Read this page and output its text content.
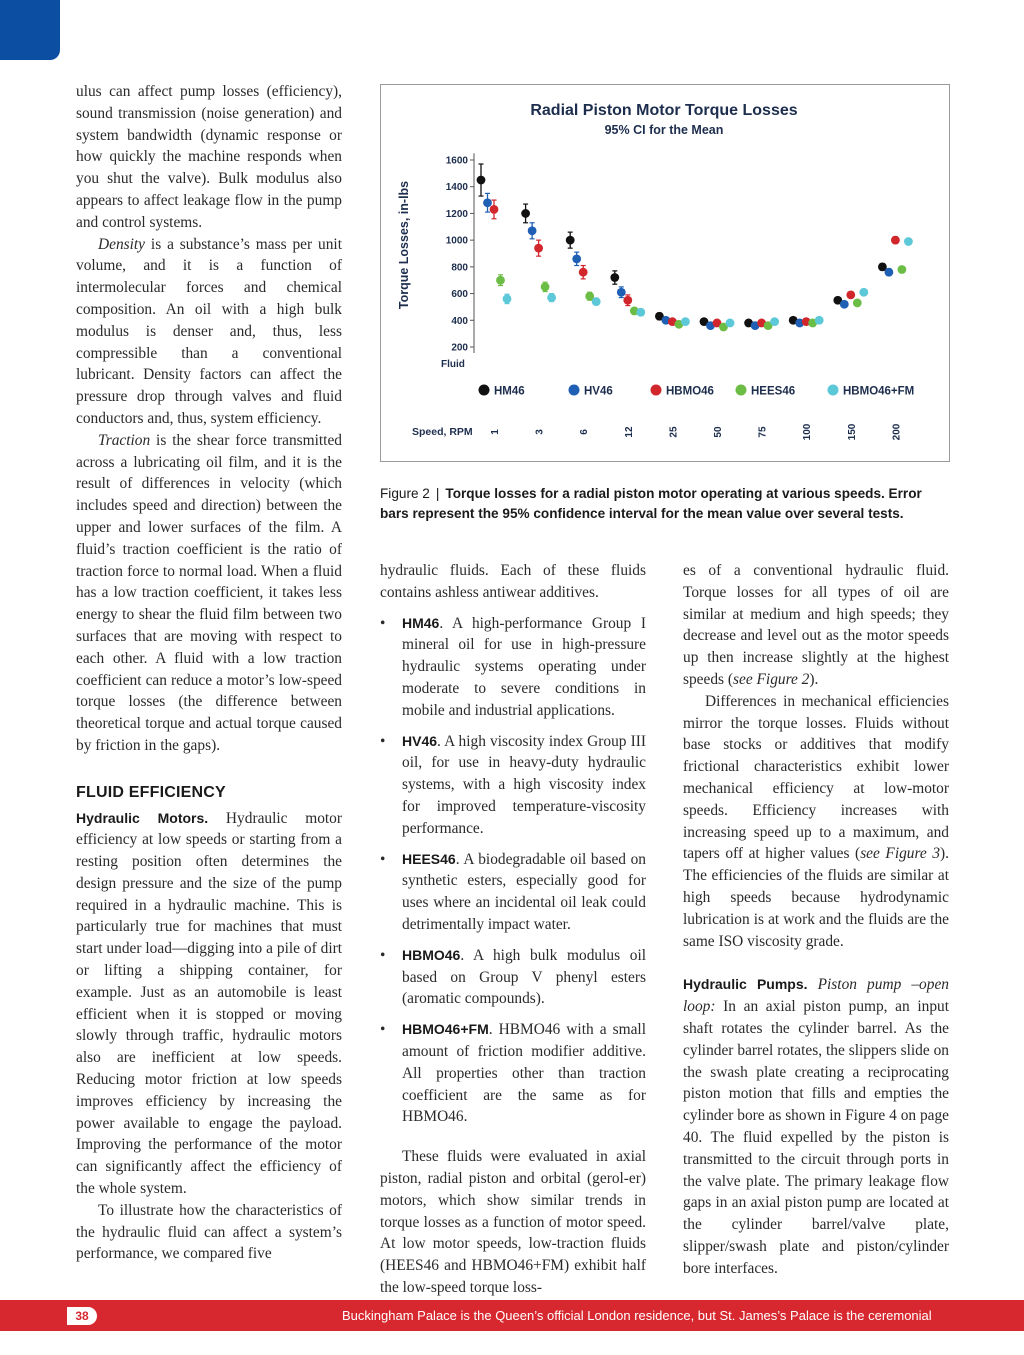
ulus can affect pump losses (efficiency), sound transmission (noise generation) and system bandwidth (dynamic response or how quickly the machine responds when you shut the valve). Bulk modulus also appears to affect leakage flow in the pump and control systems.

Density is a substance’s mass per unit volume, and it is a function of intermolecular forces and chemical composition. An oil with a high bulk modulus is denser and, thus, less compressible than a conventional lubricant. Density factors can affect the pressure drop through valves and fluid conductors and, thus, system efficiency.

Traction is the shear force transmitted across a lubricating oil film, and it is the result of differences in velocity (which includes speed and direction) between the upper and lower surfaces of the film. A fluid’s traction coefficient is the ratio of traction force to normal load. When a fluid has a low traction coefficient, it takes less energy to shear the fluid film between two surfaces that are moving with respect to each other. A fluid with a low traction coefficient can reduce a motor’s low-speed torque losses (the difference between theoretical torque and actual torque caused by friction in the gaps).

FLUID EFFICIENCY

Hydraulic Motors. Hydraulic motor efficiency at low speeds or starting from a resting position often determines the design pressure and the size of the pump required in a hydraulic machine. This is particularly true for machines that must start under load—digging into a pile of dirt or lifting a shipping container, for example. Just as an automobile is least efficient when it is stopped or moving slowly through traffic, hydraulic motors also are inefficient at low speeds. Reducing motor friction at low speeds improves efficiency by increasing the power available to engage the payload. Improving the performance of the motor can significantly affect the efficiency of the whole system.

To illustrate how the characteristics of the hydraulic fluid can affect a system’s performance, we compared five

Radial Piston Motor Torque Losses
95% CI for the Mean
Torque Losses, in-lbs
Fluid
Speed, RPM
200
400
600
800
1000
1200
1400
1600
HM46	HV46	HBMO46	HEES46	HBMO46+FM
1	3	6	12	25	50	75	100	150	200
Figure 2 | Torque losses for a radial piston motor operating at various speeds. Error bars represent the 95% confidence interval for the mean value over several tests.

hydraulic fluids. Each of these fluids contains ashless antiwear additives.

• HM46. A high-performance Group I mineral oil for use in high-pressure hydraulic systems operating under moderate to severe conditions in mobile and industrial applications.
• HV46. A high viscosity index Group III oil, for use in heavy-duty hydraulic systems, with a high viscosity index for improved temperature-viscosity performance.
• HEES46. A biodegradable oil based on synthetic esters, especially good for uses where an incidental oil leak could detrimentally impact water.
• HBMO46. A high bulk modulus oil based on Group V phenyl esters (aromatic compounds).
• HBMO46+FM. HBMO46 with a small amount of friction modifier additive. All properties other than traction coefficient are the same as for HBMO46.

These fluids were evaluated in axial piston, radial piston and orbital (gerol-er) motors, which show similar trends in torque losses as a function of motor speed. At low motor speeds, low-traction fluids (HEES46 and HBMO46+FM) exhibit half the low-speed torque loss-

es of a conventional hydraulic fluid. Torque losses for all types of oil are similar at medium and high speeds; they decrease and level out as the motor speeds up then increase slightly at the highest speeds (see Figure 2).

Differences in mechanical efficiencies mirror the torque losses. Fluids without base stocks or additives that modify frictional characteristics exhibit lower mechanical efficiency at low-motor speeds. Efficiency increases with increasing speed up to a maximum, and tapers off at higher values (see Figure 3). The efficiencies of the fluids are similar at high speeds because hydrodynamic lubrication is at work and the fluids are the same ISO viscosity grade.

Hydraulic Pumps. Piston pump –open loop: In an axial piston pump, an input shaft rotates the cylinder barrel. As the cylinder barrel rotates, the slippers slide on the swash plate creating a reciprocating piston motion that fills and empties the cylinder bore as shown in Figure 4 on page 40. The fluid expelled by the piston is transmitted to the circuit through ports in the valve plate. The primary leakage flow gaps in an axial piston pump are located at the cylinder barrel/valve plate, slipper/swash plate and piston/cylinder bore interfaces.

38	Buckingham Palace is the Queen’s official London residence, but St. James’s Palace is the ceremonial
